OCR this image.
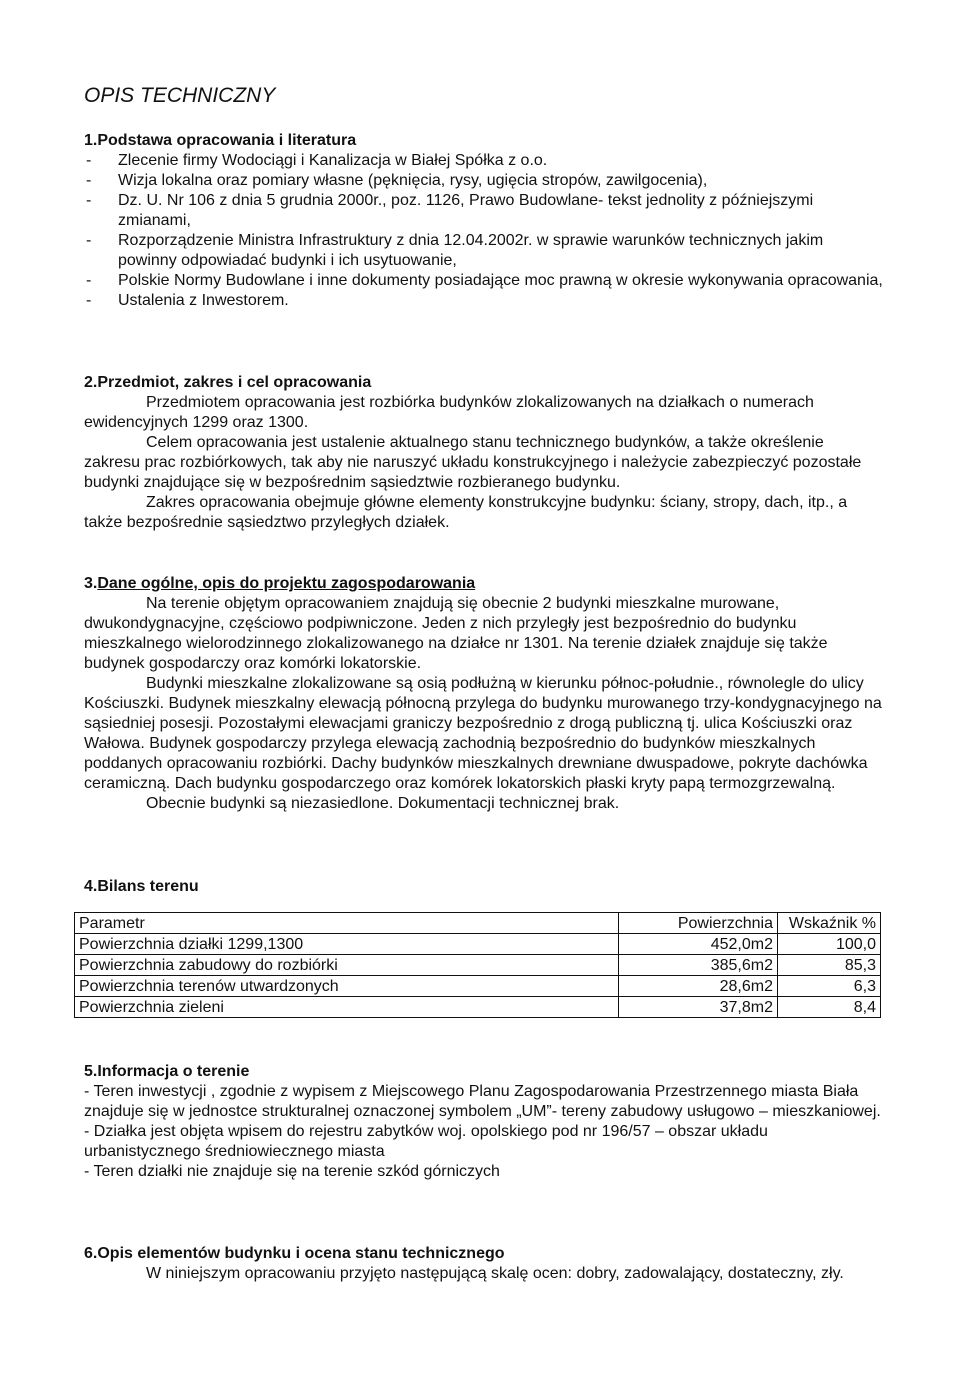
OPIS TECHNICZNY

1.Podstawa opracowania i literatura

- Zlecenie firmy Wodociągi i Kanalizacja w Białej Spółka z o.o.
- Wizja lokalna oraz pomiary własne (pęknięcia, rysy, ugięcia stropów, zawilgocenia),
- Dz. U. Nr 106 z dnia 5 grudnia 2000r., poz. 1126, Prawo Budowlane- tekst jednolity z późniejszymi zmianami,
- Rozporządzenie Ministra Infrastruktury z dnia 12.04.2002r. w sprawie warunków technicznych jakim powinny odpowiadać budynki i ich usytuowanie,
- Polskie Normy Budowlane i inne dokumenty posiadające moc prawną w okresie wykonywania opracowania,
- Ustalenia z Inwestorem.

2.Przedmiot, zakres i cel opracowania

Przedmiotem opracowania jest rozbiórka budynków zlokalizowanych na działkach o numerach ewidencyjnych 1299 oraz 1300.

Celem opracowania jest ustalenie aktualnego stanu technicznego budynków, a także określenie zakresu prac rozbiórkowych, tak aby nie naruszyć układu konstrukcyjnego i należycie zabezpieczyć pozostałe budynki znajdujące się w bezpośrednim sąsiedztwie rozbieranego budynku.

Zakres opracowania obejmuje główne elementy konstrukcyjne budynku: ściany, stropy, dach, itp., a także bezpośrednie sąsiedztwo przyległych działek.

3.Dane ogólne, opis do projektu zagospodarowania

Na terenie objętym opracowaniem znajdują się obecnie 2 budynki mieszkalne murowane, dwukondygnacyjne, częściowo podpiwniczone. Jeden z nich przyległy jest bezpośrednio do budynku mieszkalnego wielorodzinnego zlokalizowanego na działce nr 1301. Na terenie działek znajduje się także budynek gospodarczy oraz komórki lokatorskie.

Budynki mieszkalne zlokalizowane są osią podłużną w kierunku północ-południe., równolegle do ulicy Kościuszki. Budynek mieszkalny elewacją północną przylega do budynku murowanego trzy-kondygnacyjnego na sąsiedniej posesji. Pozostałymi elewacjami graniczy bezpośrednio z drogą publiczną tj. ulica Kościuszki oraz Wałowa. Budynek gospodarczy przylega elewacją zachodnią bezpośrednio do budynków mieszkalnych poddanych opracowaniu rozbiórki. Dachy budynków mieszkalnych drewniane dwuspadowe, pokryte dachówka ceramiczną. Dach budynku gospodarczego oraz komórek lokatorskich płaski kryty papą termozgrzewalną.

Obecnie budynki są niezasiedlone. Dokumentacji technicznej brak.

4.Bilans terenu

Parametr	Powierzchnia	Wskaźnik %
Powierzchnia działki 1299,1300	452,0m2	100,0
Powierzchnia zabudowy do rozbiórki	385,6m2	85,3
Powierzchnia terenów utwardzonych	28,6m2	6,3
Powierzchnia zieleni	37,8m2	8,4

5.Informacja o terenie

- Teren inwestycji , zgodnie z wypisem z Miejscowego Planu Zagospodarowania Przestrzennego miasta Biała znajduje się w jednostce strukturalnej oznaczonej symbolem „UM”- tereny zabudowy usługowo – mieszkaniowej.

- Działka jest objęta wpisem do rejestru zabytków woj. opolskiego pod nr 196/57 – obszar układu urbanistycznego średniowiecznego miasta

- Teren działki nie znajduje się na terenie szkód górniczych

6.Opis elementów budynku i ocena stanu technicznego

W niniejszym opracowaniu przyjęto następującą skalę ocen: dobry, zadowalający, dostateczny, zły.
